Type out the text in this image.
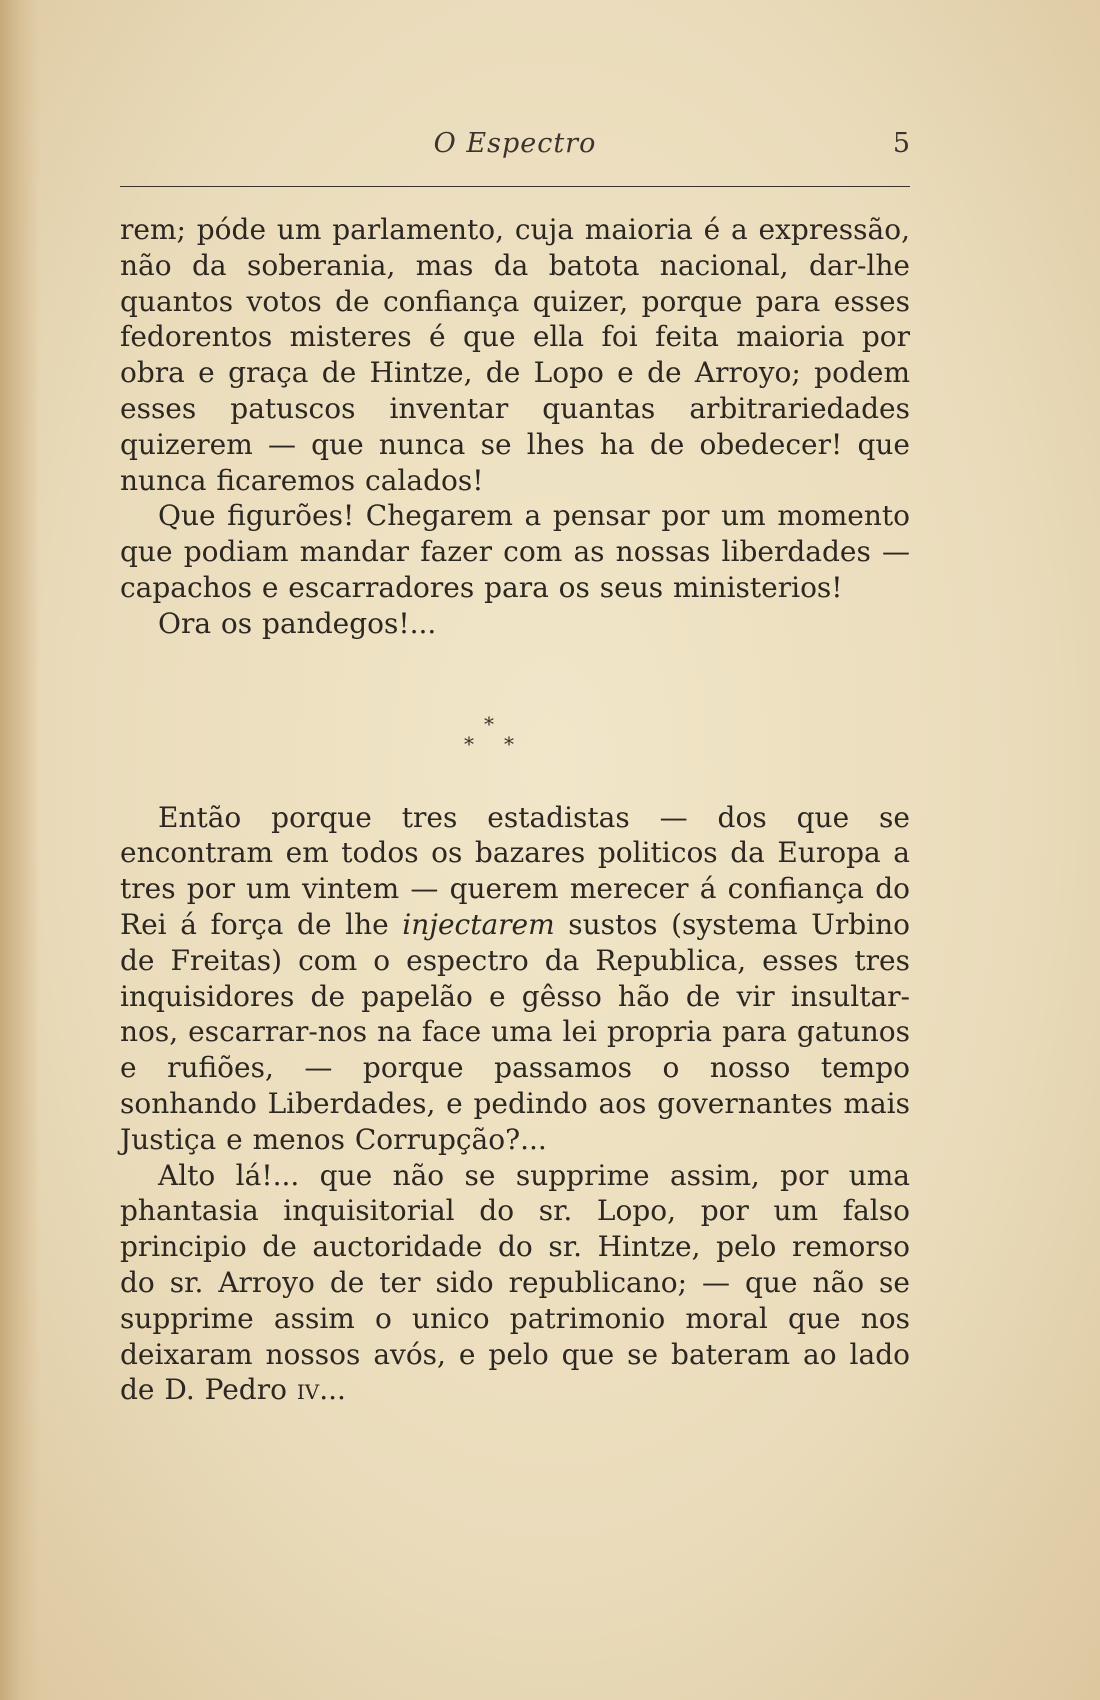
O Espectro	5

rem; póde um parlamento, cuja maioria é a expressão, não da soberania, mas da batota nacional, dar-lhe quantos votos de confiança quizer, porque para esses fedorentos misteres é que ella foi feita maioria por obra e graça de Hintze, de Lopo e de Arroyo; podem esses patuscos inventar quantas arbitrariedades quizerem — que nunca se lhes ha de obedecer! que nunca ficaremos calados!

Que figurões! Chegarem a pensar por um momento que podiam mandar fazer com as nossas liberdades — capachos e escarradores para os seus ministerios!

Ora os pandegos!...

*
* *

Então porque tres estadistas — dos que se encontram em todos os bazares politicos da Europa a tres por um vintem — querem merecer á confiança do Rei á força de lhe injectarem sustos (systema Urbino de Freitas) com o espectro da Republica, esses tres inquisidores de papelão e gêsso hão de vir insultar-nos, escarrar-nos na face uma lei propria para gatunos e rufiões, — porque passamos o nosso tempo sonhando Liberdades, e pedindo aos governantes mais Justiça e menos Corrupção?...

Alto lá!... que não se supprime assim, por uma phantasia inquisitorial do sr. Lopo, por um falso principio de auctoridade do sr. Hintze, pelo remorso do sr. Arroyo de ter sido republicano; — que não se supprime assim o unico patrimonio moral que nos deixaram nossos avós, e pelo que se bateram ao lado de D. Pedro iv...
